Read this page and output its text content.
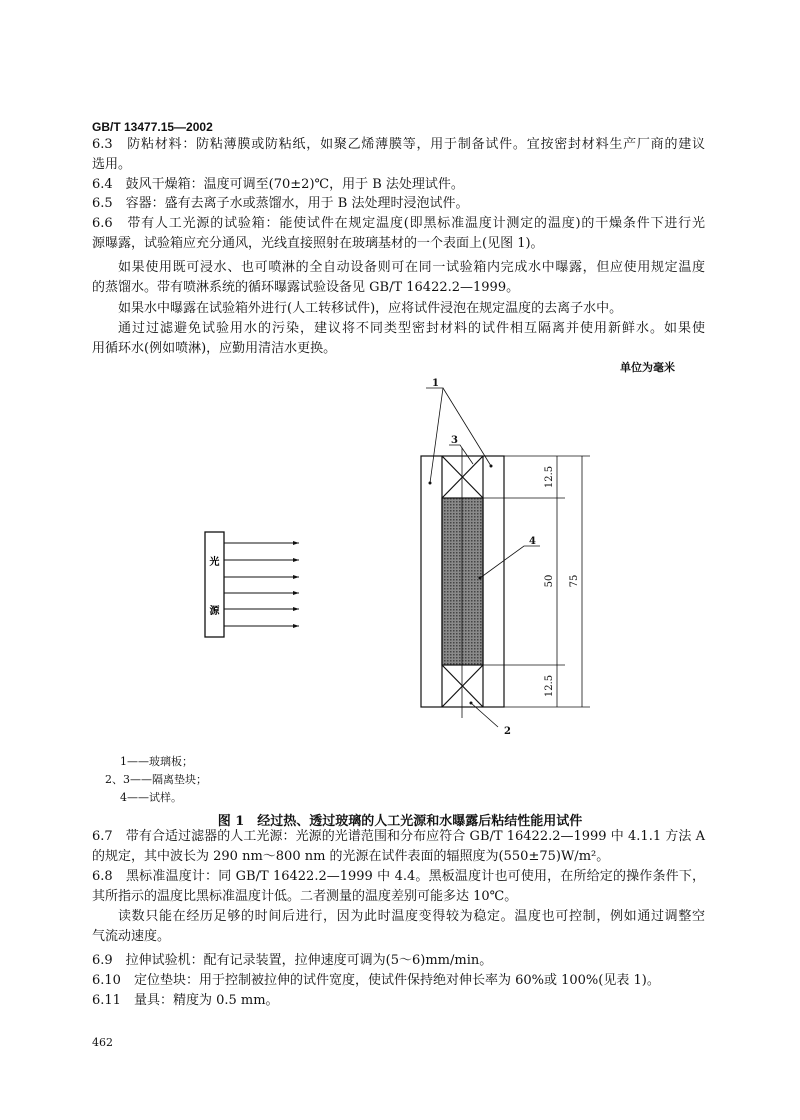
GB/T 13477.15—2002
6.3　防粘材料：防粘薄膜或防粘纸，如聚乙烯薄膜等，用于制备试件。宜按密封材料生产厂商的建议
选用。
6.4　鼓风干燥箱：温度可调至(70±2)℃，用于 B 法处理试件。
6.5　容器：盛有去离子水或蒸馏水，用于 B 法处理时浸泡试件。
6.6　带有人工光源的试验箱：能使试件在规定温度(即黑标准温度计测定的温度)的干燥条件下进行光
源曝露，试验箱应充分通风，光线直接照射在玻璃基材的一个表面上(见图 1)。
如果使用既可浸水、也可喷淋的全自动设备则可在同一试验箱内完成水中曝露，但应使用规定温度
的蒸馏水。带有喷淋系统的循环曝露试验设备见 GB/T 16422.2—1999。
如果水中曝露在试验箱外进行(人工转移试件)，应将试件浸泡在规定温度的去离子水中。
通过过滤避免试验用水的污染，建议将不同类型密封材料的试件相互隔离并使用新鲜水。如果使
用循环水(例如喷淋)，应勤用清洁水更换。
单位为毫米
光
源
12.5
50
12.5
75
1
2
3
4
1——玻璃板；
2、3——隔离垫块；
4——试样。
图 1　经过热、透过玻璃的人工光源和水曝露后粘结性能用试件
6.7　带有合适过滤器的人工光源：光源的光谱范围和分布应符合 GB/T 16422.2—1999 中 4.1.1 方法 A
的规定，其中波长为 290 nm～800 nm 的光源在试件表面的辐照度为(550±75)W/m²。
6.8　黑标准温度计：同 GB/T 16422.2—1999 中 4.4。黑板温度计也可使用，在所给定的操作条件下，
其所指示的温度比黑标准温度计低。二者测量的温度差别可能多达 10℃。
读数只能在经历足够的时间后进行，因为此时温度变得较为稳定。温度也可控制，例如通过调整空
气流动速度。
6.9　拉伸试验机：配有记录装置，拉伸速度可调为(5～6)mm/min。
6.10　定位垫块：用于控制被拉伸的试件宽度，使试件保持绝对伸长率为 60%或 100%(见表 1)。
6.11　量具：精度为 0.5 mm。
462
